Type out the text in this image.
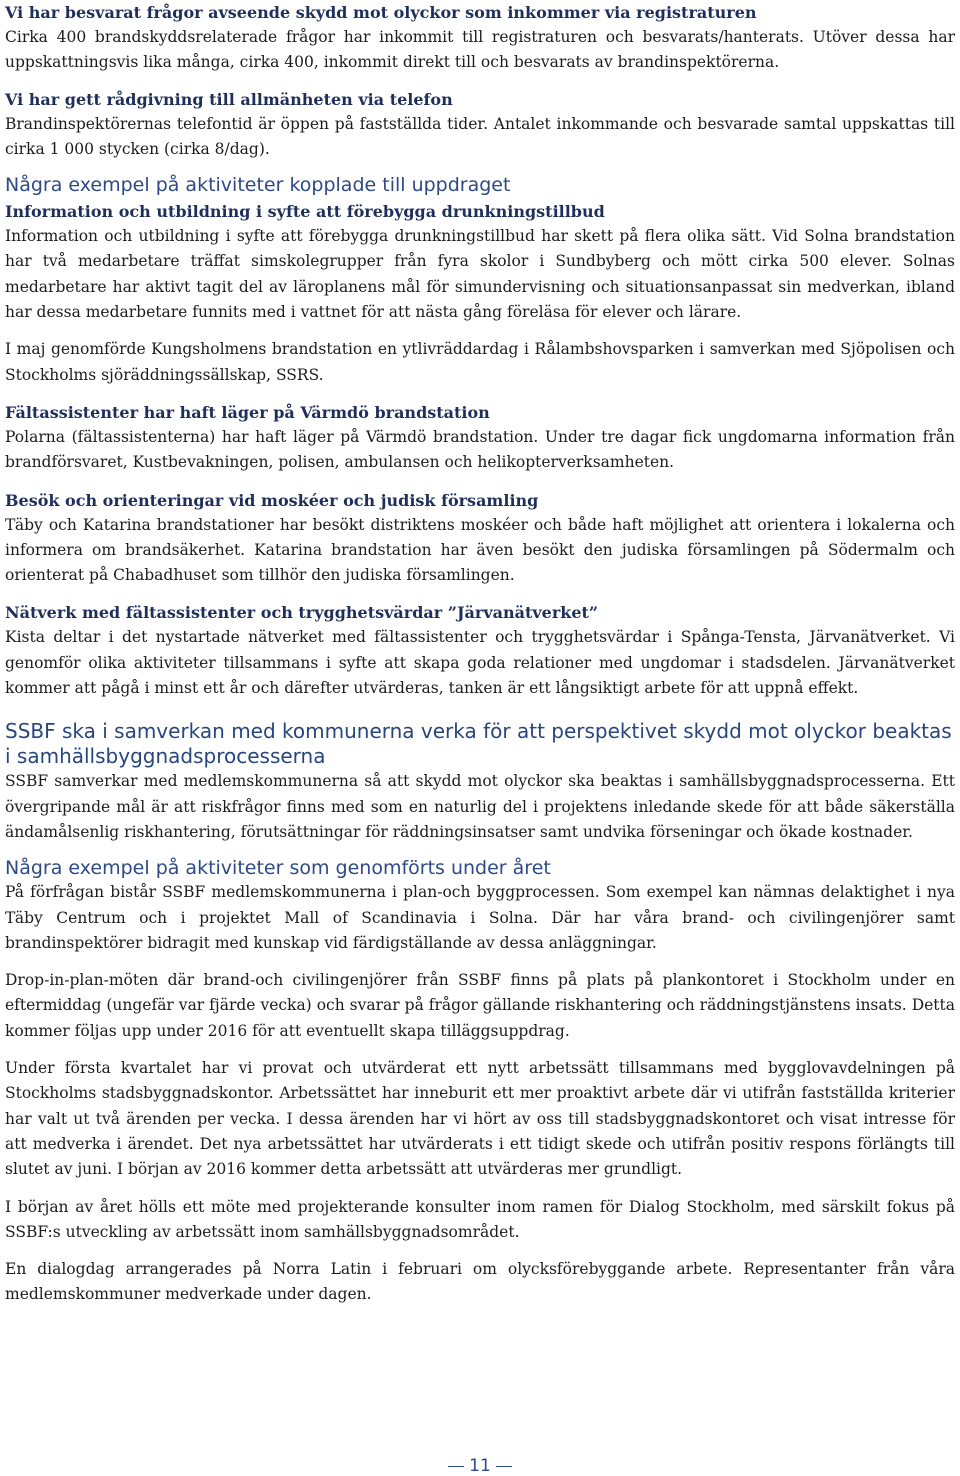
Vi har besvarat frågor avseende skydd mot olyckor som inkommer via registraturen

Cirka 400 brandskyddsrelaterade frågor har inkommit till registraturen och besvarats/hanterats. Utöver dessa har uppskattningsvis lika många, cirka 400, inkommit direkt till och besvarats av brandinspektörerna.

Vi har gett rådgivning till allmänheten via telefon

Brandinspektörernas telefontid är öppen på fastställda tider. Antalet inkommande och besvarade samtal uppskattas till cirka 1 000 stycken (cirka 8/dag).

Några exempel på aktiviteter kopplade till uppdraget
Information och utbildning i syfte att förebygga drunkningstillbud

Information och utbildning i syfte att förebygga drunkningstillbud har skett på flera olika sätt. Vid Solna brandstation har två medarbetare träffat simskolegrupper från fyra skolor i Sundbyberg och mött cirka 500 elever. Solnas medarbetare har aktivt tagit del av läroplanens mål för simundervisning och situationsanpassat sin medverkan, ibland har dessa medarbetare funnits med i vattnet för att nästa gång föreläsa för elever och lärare.

I maj genomförde Kungsholmens brandstation en ytlivräddardag i Rålambshovsparken i samverkan med Sjöpolisen och Stockholms sjöräddningssällskap, SSRS.

Fältassistenter har haft läger på Värmdö brandstation

Polarna (fältassistenterna) har haft läger på Värmdö brandstation. Under tre dagar fick ungdomarna information från brandförsvaret, Kustbevakningen, polisen, ambulansen och helikopterverksamheten.

Besök och orienteringar vid moskéer och judisk församling

Täby och Katarina brandstationer har besökt distriktens moskéer och både haft möjlighet att orientera i lokalerna och informera om brandsäkerhet. Katarina brandstation har även besökt den judiska församlingen på Södermalm och orienterat på Chabadhuset som tillhör den judiska församlingen.

Nätverk med fältassistenter och trygghetsvärdar ”Järvanätverket”

Kista deltar i det nystartade nätverket med fältassistenter och trygghetsvärdar i Spånga-Tensta, Järvanätverket. Vi genomför olika aktiviteter tillsammans i syfte att skapa goda relationer med ungdomar i stadsdelen. Järvanätverket kommer att pågå i minst ett år och därefter utvärderas, tanken är ett långsiktigt arbete för att uppnå effekt.

SSBF ska i samverkan med kommunerna verka för att perspektivet skydd mot olyckor beaktas i samhällsbyggnadsprocesserna

SSBF samverkar med medlemskommunerna så att skydd mot olyckor ska beaktas i samhällsbyggnadsprocesserna. Ett övergripande mål är att riskfrågor finns med som en naturlig del i projektens inledande skede för att både säkerställa ändamålsenlig riskhantering, förutsättningar för räddningsinsatser samt undvika förseningar och ökade kostnader.

Några exempel på aktiviteter som genomförts under året

På förfrågan bistår SSBF medlemskommunerna i plan-och byggprocessen. Som exempel kan nämnas delaktighet i nya Täby Centrum och i projektet Mall of Scandinavia i Solna. Där har våra brand- och civilingenjörer samt brandinspektörer bidragit med kunskap vid färdigställande av dessa anläggningar.

Drop-in-plan-möten där brand-och civilingenjörer från SSBF finns på plats på plankontoret i Stockholm under en eftermiddag (ungefär var fjärde vecka) och svarar på frågor gällande riskhantering och räddningstjänstens insats. Detta kommer följas upp under 2016 för att eventuellt skapa tilläggsuppdrag.

Under första kvartalet har vi provat och utvärderat ett nytt arbetssätt tillsammans med bygglovavdelningen på Stockholms stadsbyggnadskontor. Arbetssättet har inneburit ett mer proaktivt arbete där vi utifrån fastställda kriterier har valt ut två ärenden per vecka. I dessa ärenden har vi hört av oss till stadsbyggnadskontoret och visat intresse för att medverka i ärendet. Det nya arbetssättet har utvärderats i ett tidigt skede och utifrån positiv respons förlängts till slutet av juni. I början av 2016 kommer detta arbetssätt att utvärderas mer grundligt.

I början av året hölls ett möte med projekterande konsulter inom ramen för Dialog Stockholm, med särskilt fokus på SSBF:s utveckling av arbetssätt inom samhällsbyggnadsområdet.

En dialogdag arrangerades på Norra Latin i februari om olycksförebyggande arbete. Representanter från våra medlemskommuner medverkade under dagen.

11
